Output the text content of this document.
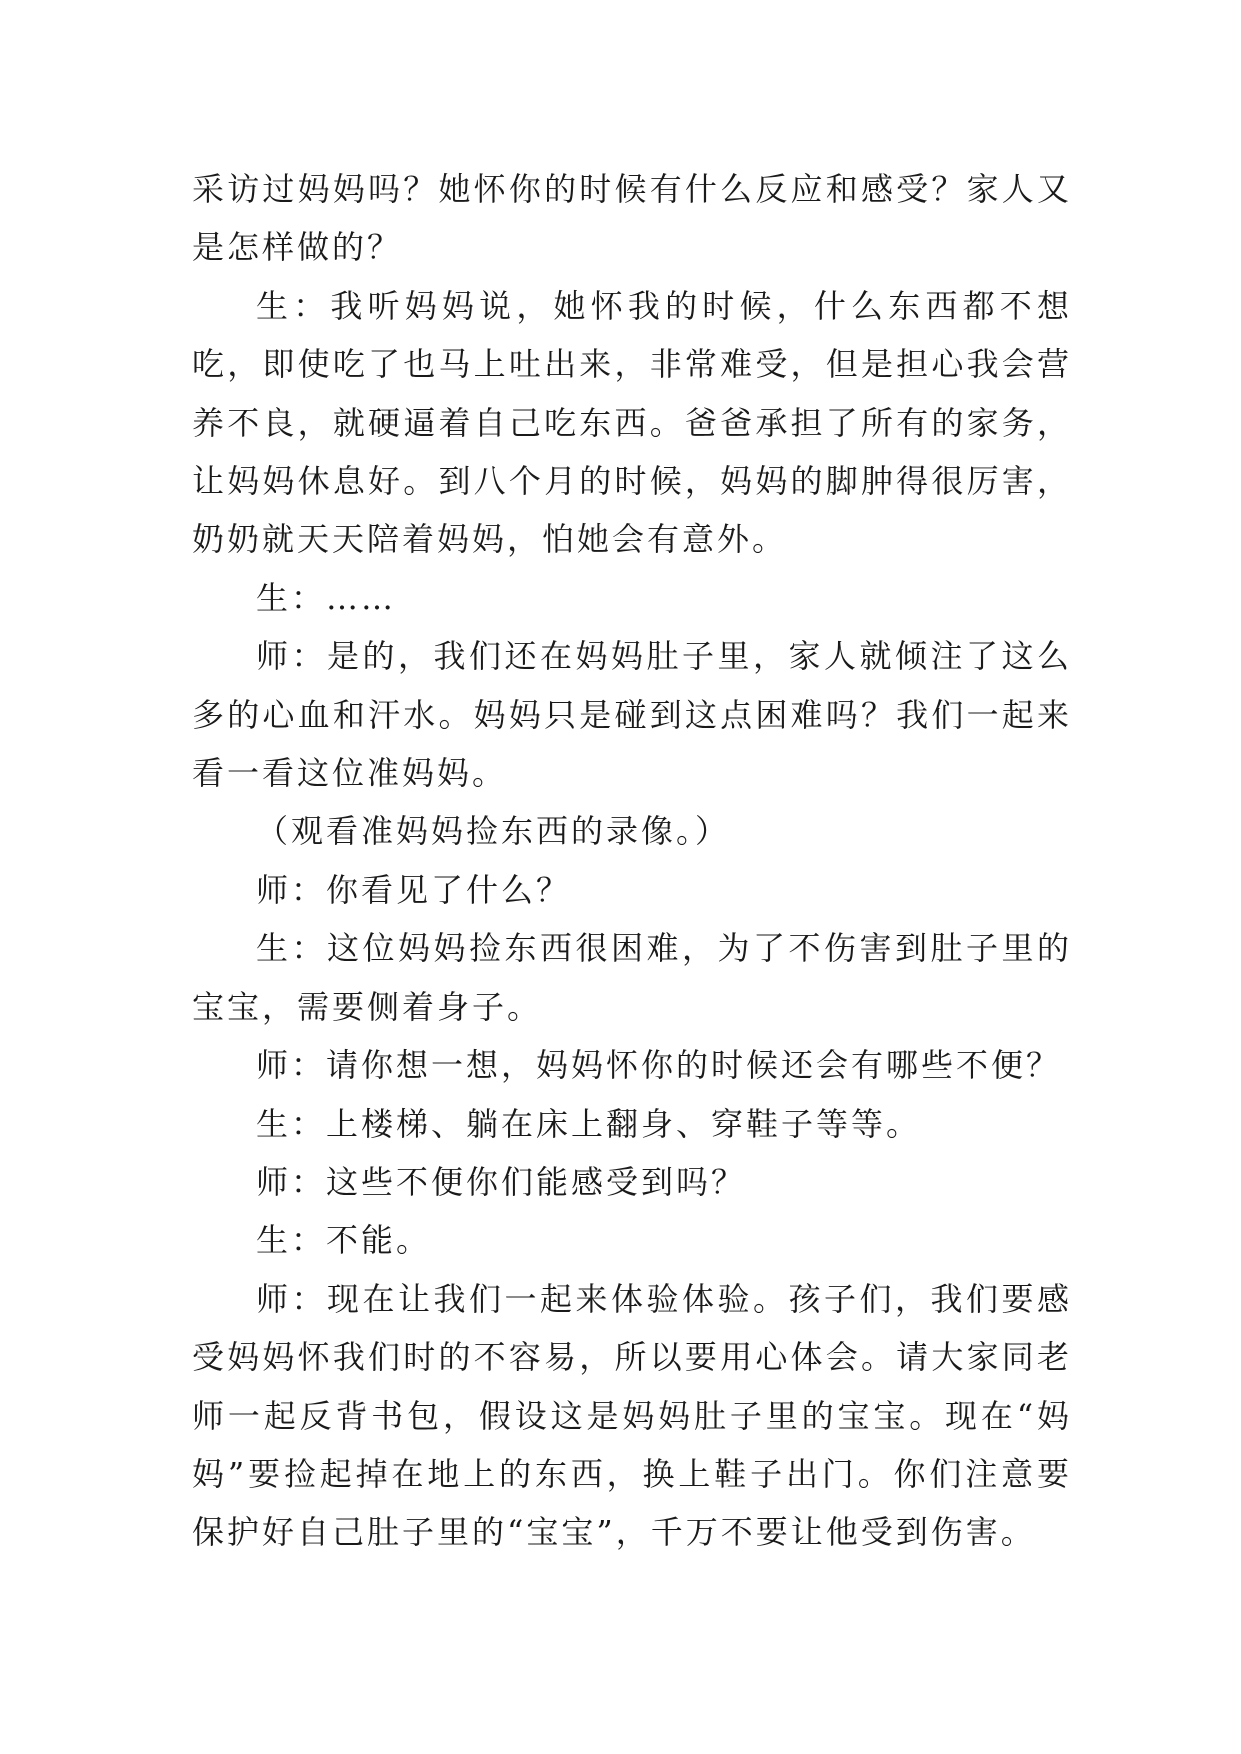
采访过妈妈吗？她怀你的时候有什么反应和感受？家人又是怎样做的？

生：我听妈妈说，她怀我的时候，什么东西都不想吃，即使吃了也马上吐出来，非常难受，但是担心我会营养不良，就硬逼着自己吃东西。爸爸承担了所有的家务，让妈妈休息好。到八个月的时候，妈妈的脚肿得很厉害，奶奶就天天陪着妈妈，怕她会有意外。

生：……

师：是的，我们还在妈妈肚子里，家人就倾注了这么多的心血和汗水。妈妈只是碰到这点困难吗？我们一起来看一看这位准妈妈。

（观看准妈妈捡东西的录像。）

师：你看见了什么？

生：这位妈妈捡东西很困难，为了不伤害到肚子里的宝宝，需要侧着身子。

师：请你想一想，妈妈怀你的时候还会有哪些不便？

生：上楼梯、躺在床上翻身、穿鞋子等等。

师：这些不便你们能感受到吗？

生：不能。

师：现在让我们一起来体验体验。孩子们，我们要感受妈妈怀我们时的不容易，所以要用心体会。请大家同老师一起反背书包，假设这是妈妈肚子里的宝宝。现在“妈妈”要捡起掉在地上的东西，换上鞋子出门。你们注意要保护好自己肚子里的“宝宝”，千万不要让他受到伤害。
